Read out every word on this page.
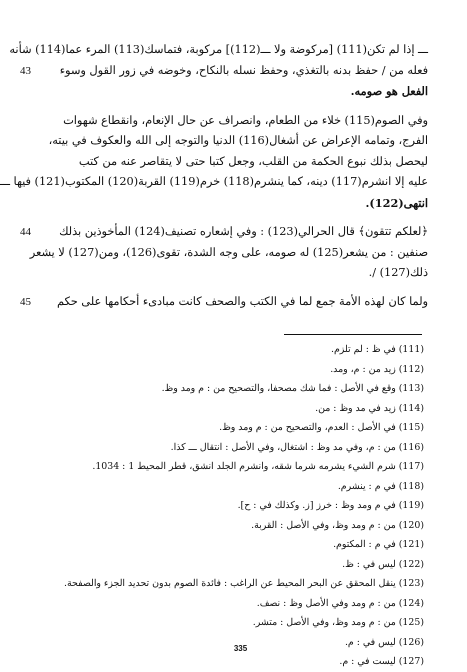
ـــ إذا لم تكن(111) [مركوضة ولا ـــ(112)] مركوبة، فتماسك(113) المرء عما(114) شأنه
43	فعله من / حفظ بدنه بالتغذي، وحفظ نسله بالنكاح، وخوضه في زور القول وسوء
الفعل هو صومه.
وفي الصوم(115) خلاء من الطعام، وانصراف عن حال الإنعام، وانقطاع شهوات
الفرج، وتمامه الإعراض عن أشغال(116) الدنيا والتوجه إلى الله والعكوف في بيته،
ليحصل بذلك نبوع الحكمة من القلب، وجعل كتبا حتى لا يتقاصر عنه من كتب
عليه إلا انشرم(117) دينه، كما ينشرم(118) خرم(119) القربة(120) المكتوب(121) فيها ـــ
انتهى(122).
44 ﴿لعلكم تتقون﴾ قال الحرالي(123) : وفي إشعاره تصنيف(124) المأخوذين بذلك
صنفين : من يشعر(125) له صومه، على وجه الشدة، تقوى(126)، ومن(127) لا يشعر
ذلك(127) /.
45 ولما كان لهذه الأمة جمع لما في الكتب والصحف كانت مبادىء أحكامها على حكم
(111) في ظ : لم تلزم.
(112) زيد من : م، ومد.
(113) وقع في الأصل : فما شك مصحفا، والتصحيح من : م ومد وظ.
(114) زيد في مد وظ : من.
(115) في الأصل : العدم، والتصحيح من : م ومد وظ.
(116) من : م، وفي مد وظ : اشتغال، وفي الأصل : انتقال ـــ كذا.
(117) شرم الشيء يشرمه شرما شقه، وانشرم الجلد انشق، قطر المحيط 1 : 1034.
(118) في م : ينشرم.
(119) في م ومد وظ : خرز [ز. وكذلك في : ح].
(120) من : م ومد وظ، وفي الأصل : القربة.
(121) في م : المكتوم.
(122) ليس في : ظ.
(123) ينقل المحقق عن البحر المحيط عن الراغب : فائدة الصوم بدون تحديد الجزء والصفحة.
(124) من : م ومد وفي الأصل وظ : نصف.
(125) من : م ومد وظ، وفي الأصل : متشر.
(126) ليس في : م.
(127) ليست في : م.
335
